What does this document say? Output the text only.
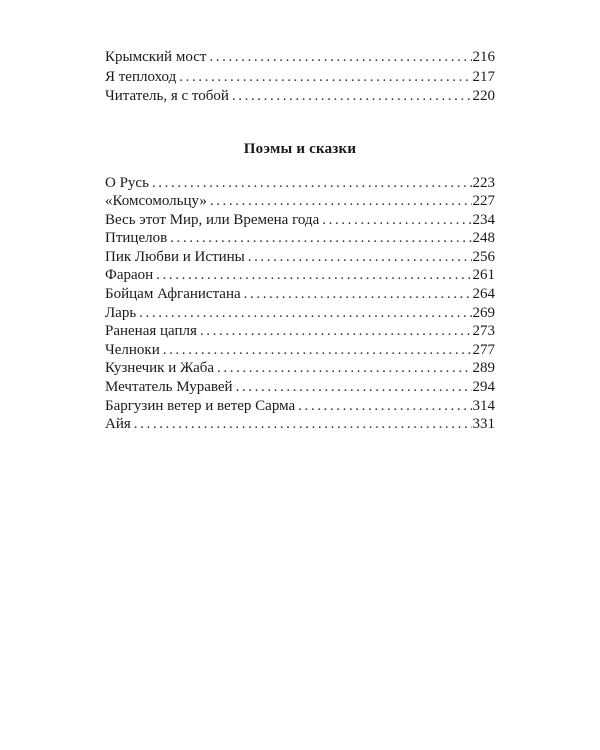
Крымский мост .....	216
Я теплоход .....	217
Читатель, я с тобой .....	220
Поэмы и сказки
О Русь .....	223
«Комсомольцу» .....	227
Весь этот Мир, или Времена года .....	234
Птицелов .....	248
Пик Любви и Истины .....	256
Фараон .....	261
Бойцам Афганистана .....	264
Ларь .....	269
Раненая цапля .....	273
Челноки .....	277
Кузнечик и Жаба .....	289
Мечтатель Муравей .....	294
Баргузин ветер и ветер Сарма .....	314
Айя .....	331
